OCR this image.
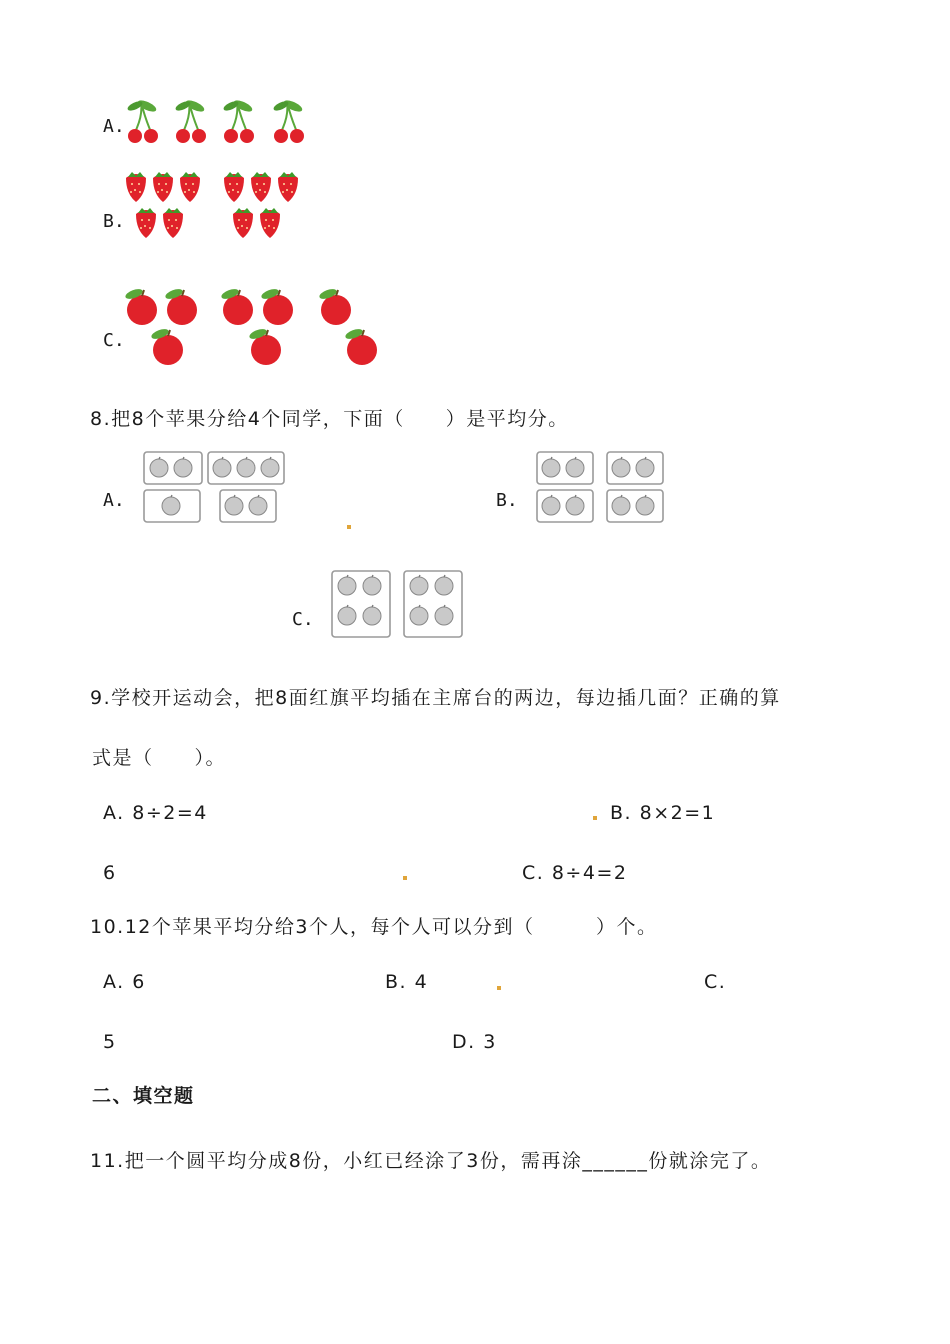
A.
B.
C.
8.把8个苹果分给4个同学，下面（　　）是平均分。
A.	B.
C.
9.学校开运动会，把8面红旗平均插在主席台的两边，每边插几面？正确的算
式是（　　）。
A. 8÷2=4	B. 8×2=1
6	C. 8÷4=2
10.12个苹果平均分给3个人，每个人可以分到（　　　）个。
A. 6	B. 4	C.
5	D. 3
二、填空题
11.把一个圆平均分成8份，小红已经涂了3份，需再涂______份就涂完了。
